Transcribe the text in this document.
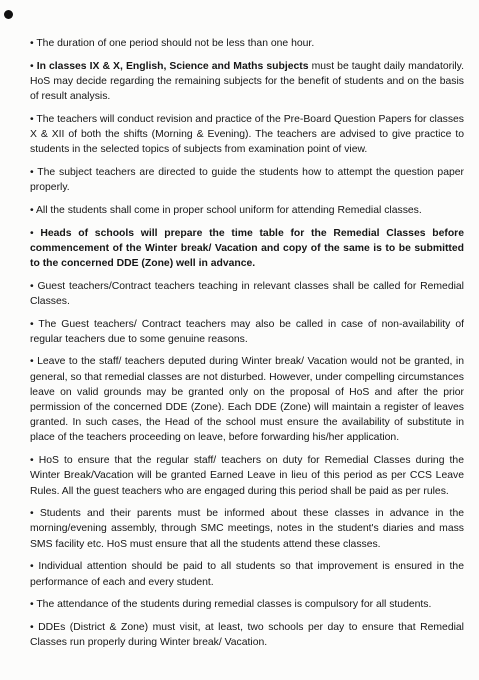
• The duration of one period should not be less than one hour.

• In classes IX & X, English, Science and Maths subjects must be taught daily mandatorily. HoS may decide regarding the remaining subjects for the benefit of students and on the basis of result analysis.

• The teachers will conduct revision and practice of the Pre-Board Question Papers for classes X & XII of both the shifts (Morning & Evening). The teachers are advised to give practice to students in the selected topics of subjects from examination point of view.

• The subject teachers are directed to guide the students how to attempt the question paper properly.

• All the students shall come in proper school uniform for attending Remedial classes.

• Heads of schools will prepare the time table for the Remedial Classes before commencement of the Winter break/ Vacation and copy of the same is to be submitted to the concerned DDE (Zone) well in advance.

• Guest teachers/Contract teachers teaching in relevant classes shall be called for Remedial Classes.

• The Guest teachers/ Contract teachers may also be called in case of non-availability of regular teachers due to some genuine reasons.

• Leave to the staff/ teachers deputed during Winter break/ Vacation would not be granted, in general, so that remedial classes are not disturbed. However, under compelling circumstances leave on valid grounds may be granted only on the proposal of HoS and after the prior permission of the concerned DDE (Zone). Each DDE (Zone) will maintain a register of leaves granted. In such cases, the Head of the school must ensure the availability of substitute in place of the teachers proceeding on leave, before forwarding his/her application.

• HoS to ensure that the regular staff/ teachers on duty for Remedial Classes during the Winter Break/Vacation will be granted Earned Leave in lieu of this period as per CCS Leave Rules. All the guest teachers who are engaged during this period shall be paid as per rules.

• Students and their parents must be informed about these classes in advance in the morning/evening assembly, through SMC meetings, notes in the student's diaries and mass SMS facility etc. HoS must ensure that all the students attend these classes.

• Individual attention should be paid to all students so that improvement is ensured in the performance of each and every student.

• The attendance of the students during remedial classes is compulsory for all students.

• DDEs (District & Zone) must visit, at least, two schools per day to ensure that Remedial Classes run properly during Winter break/ Vacation.
